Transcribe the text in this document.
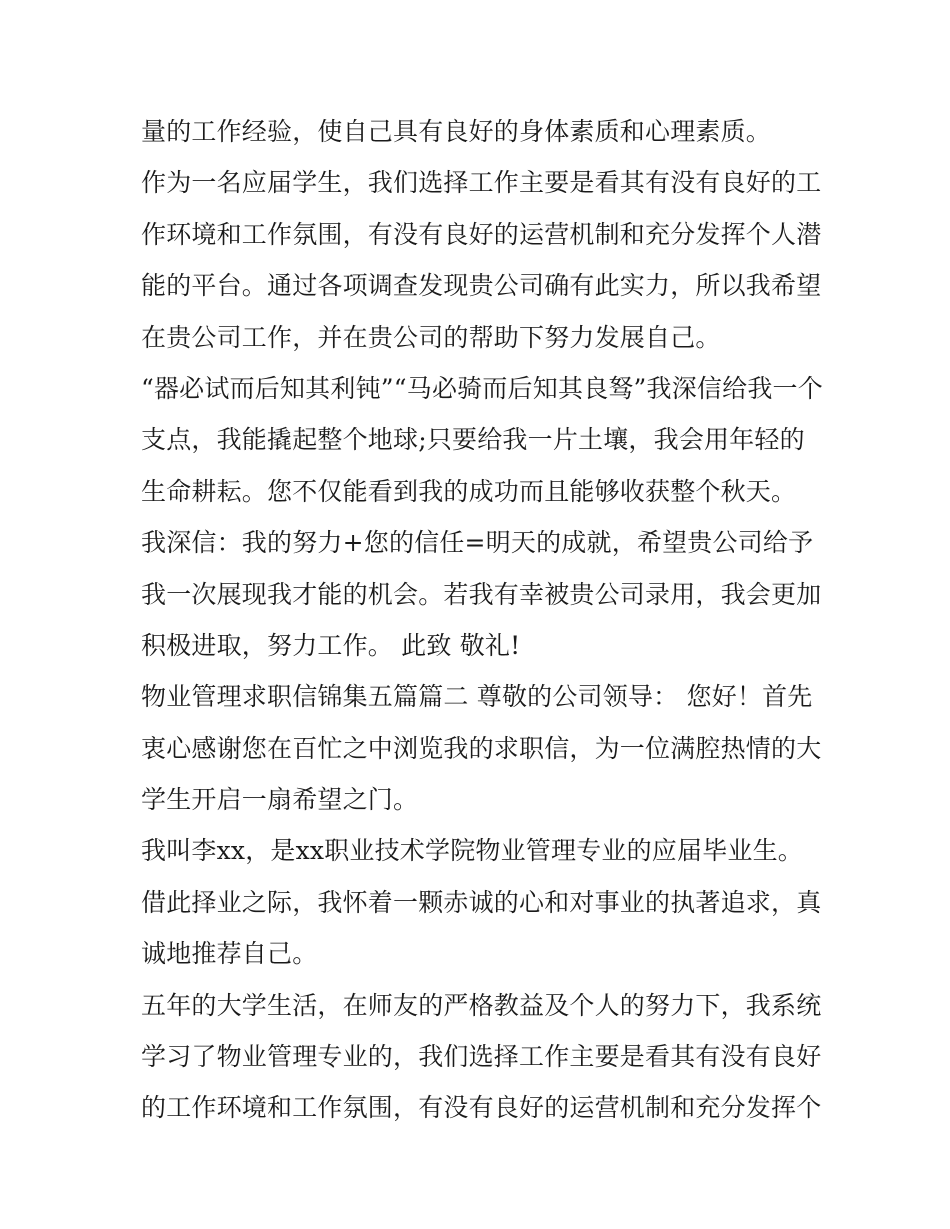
量的工作经验，使自己具有良好的身体素质和心理素质。
作为一名应届学生，我们选择工作主要是看其有没有良好的工
作环境和工作氛围，有没有良好的运营机制和充分发挥个人潜
能的平台。通过各项调查发现贵公司确有此实力，所以我希望
在贵公司工作，并在贵公司的帮助下努力发展自己。
“器必试而后知其利钝”“马必骑而后知其良驽”我深信给我一个
支点，我能撬起整个地球;只要给我一片土壤，我会用年轻的
生命耕耘。您不仅能看到我的成功而且能够收获整个秋天。
我深信：我的努力+您的信任=明天的成就，希望贵公司给予
我一次展现我才能的机会。若我有幸被贵公司录用，我会更加
积极进取，努力工作。 此致 敬礼!
物业管理求职信锦集五篇篇二 尊敬的公司领导： 您好！首先
衷心感谢您在百忙之中浏览我的求职信，为一位满腔热情的大
学生开启一扇希望之门。
我叫李xx，是xx职业技术学院物业管理专业的应届毕业生。
借此择业之际，我怀着一颗赤诚的心和对事业的执著追求，真
诚地推荐自己。
五年的大学生活，在师友的严格教益及个人的努力下，我系统
学习了物业管理专业的，我们选择工作主要是看其有没有良好
的工作环境和工作氛围，有没有良好的运营机制和充分发挥个
